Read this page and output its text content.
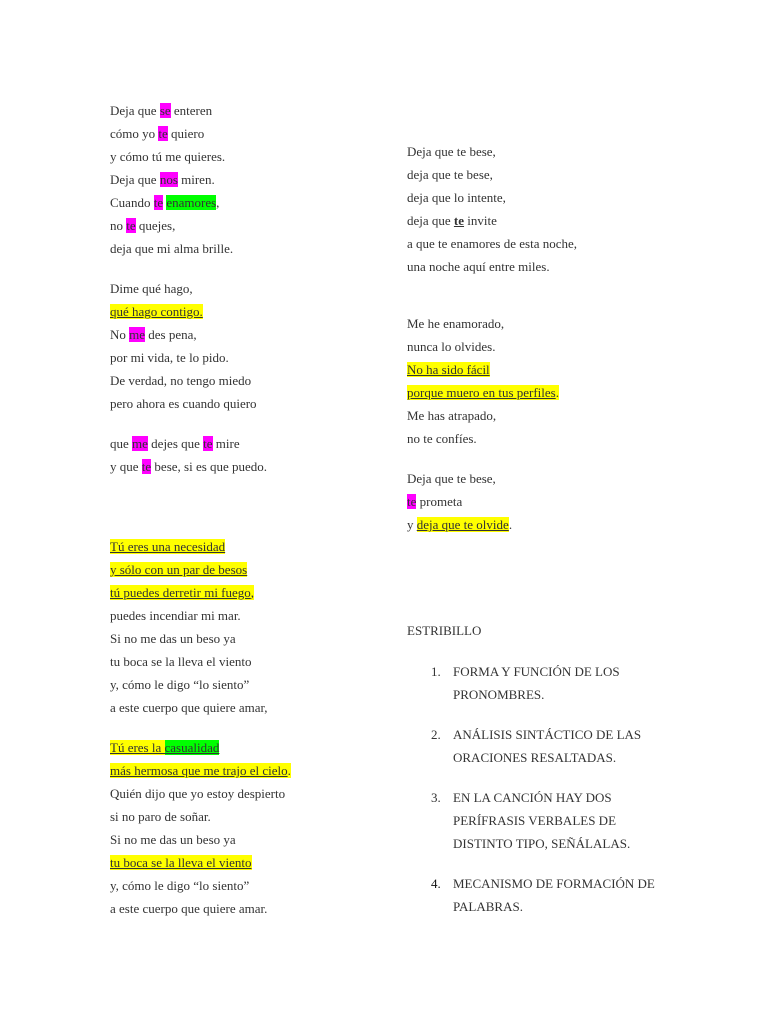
Deja que se enteren
cómo yo te quiero
y cómo tú me quieres.
Deja que nos miren.
Cuando te enamores,
no te quejes,
deja que mi alma brille.
Dime qué hago,
qué hago contigo.
No me des pena,
por mi vida, te lo pido.
De verdad, no tengo miedo
pero ahora es cuando quiero
que me dejes que te mire
y que te bese, si es que puedo.
Tú eres una necesidad
y sólo con un par de besos
tú puedes derretir mi fuego,
puedes incendiar mi mar.
Si no me das un beso ya
tu boca se la lleva el viento
y, cómo le digo “lo siento”
a este cuerpo que quiere amar,
Tú eres la casualidad
más hermosa que me trajo el cielo.
Quién dijo que yo estoy despierto
si no paro de soñar.
Si no me das un beso ya
tu boca se la lleva el viento
y, cómo le digo “lo siento”
a este cuerpo que quiere amar.
Deja que te bese,
deja que te bese,
deja que lo intente,
deja que te invite
a que te enamores de esta noche,
una noche aquí entre miles.
Me he enamorado,
nunca lo olvides.
No ha sido fácil
porque muero en tus perfiles.
Me has atrapado,
no te confíes.
Deja que te bese,
te prometa
y deja que te olvide.
ESTRIBILLO
1. FORMA Y FUNCIÓN DE LOS PRONOMBRES.
2. ANÁLISIS SINTÁCTICO DE LAS ORACIONES RESALTADAS.
3. EN LA CANCIÓN HAY DOS PERÍFRASIS VERBALES DE DISTINTO TIPO, SEÑÁLALAS.
4. MECANISMO DE FORMACIÓN DE PALABRAS.
